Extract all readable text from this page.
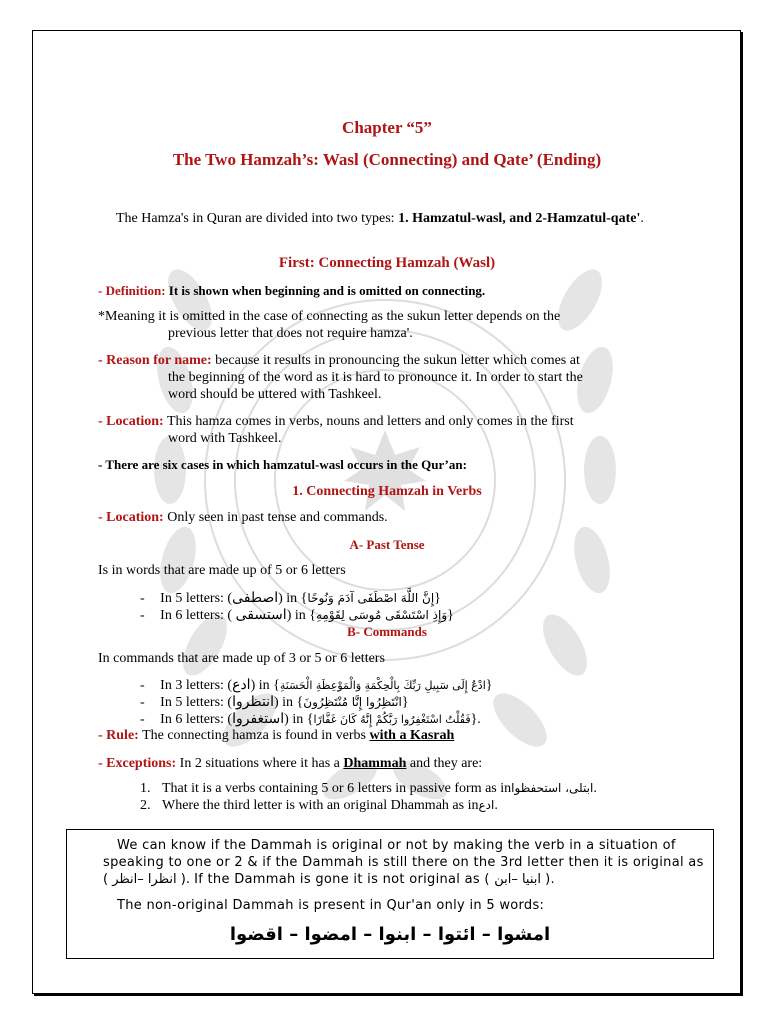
Chapter “5”
The Two Hamzah’s: Wasl (Connecting) and Qate’ (Ending)
The Hamza's in Quran are divided into two types: 1. Hamzatul-wasl, and 2-Hamzatul-qate'.
First: Connecting Hamzah (Wasl)
- Definition: It is shown when beginning and is omitted on connecting.
*Meaning it is omitted in the case of connecting as the sukun letter depends on the
previous letter that does not require hamza'.
- Reason for name: because it results in pronouncing the sukun letter which comes at
the beginning of the word as it is hard to pronounce it. In order to start the
word should be uttered with Tashkeel.
- Location: This hamza comes in verbs, nouns and letters and only comes in the first
word with Tashkeel.
- There are six cases in which hamzatul-wasl occurs in the Qur’an:
1. Connecting Hamzah in Verbs
- Location: Only seen in past tense and commands.
A- Past Tense
Is in words that are made up of 5 or 6 letters
- In 5 letters: (اصطفى) in {إِنَّ اللَّهَ اصْطَفَى آدَمَ وَنُوحًا}
- In 6 letters: ( استسقى) in {وَإِذِ اسْتَسْقَى مُوسَى لِقَوْمِهِ}
B- Commands
In commands that are made up of 3 or 5 or 6 letters
- In 3 letters: (ادع) in {ادْعُ إِلَى سَبِيلِ رَبِّكَ بِالْحِكْمَةِ وَالْمَوْعِظَةِ الْحَسَنَةِ}
- In 5 letters: (انتظروا) in {انْتَظِرُوا إِنَّا مُنْتَظِرُونَ}
- In 6 letters: (استغفروا) in {فَقُلْتُ اسْتَغْفِرُوا رَبَّكُمْ إِنَّهُ كَانَ غَفَّارًا}.
- Rule: The connecting hamza is found in verbs with a Kasrah
- Exceptions: In 2 situations where it has a Dhammah and they are:
1. That it is a verbs containing 5 or 6 letters in passive form as inابتلى، استحفظوا.
2. Where the third letter is with an original Dhammah as inادع.
We can know if the Dammah is original or not by making the verb in a situation of
speaking to one or 2 & if the Dammah is still there on the 3rd letter then it is original as
( انظرا –انظر ). If the Dammah is gone it is not original as ( ابنيا –ابن ).
The non-original Dammah is present in Qur'an only in 5 words:
امشوا – ائتوا – ابنوا – امضوا – اقضوا
